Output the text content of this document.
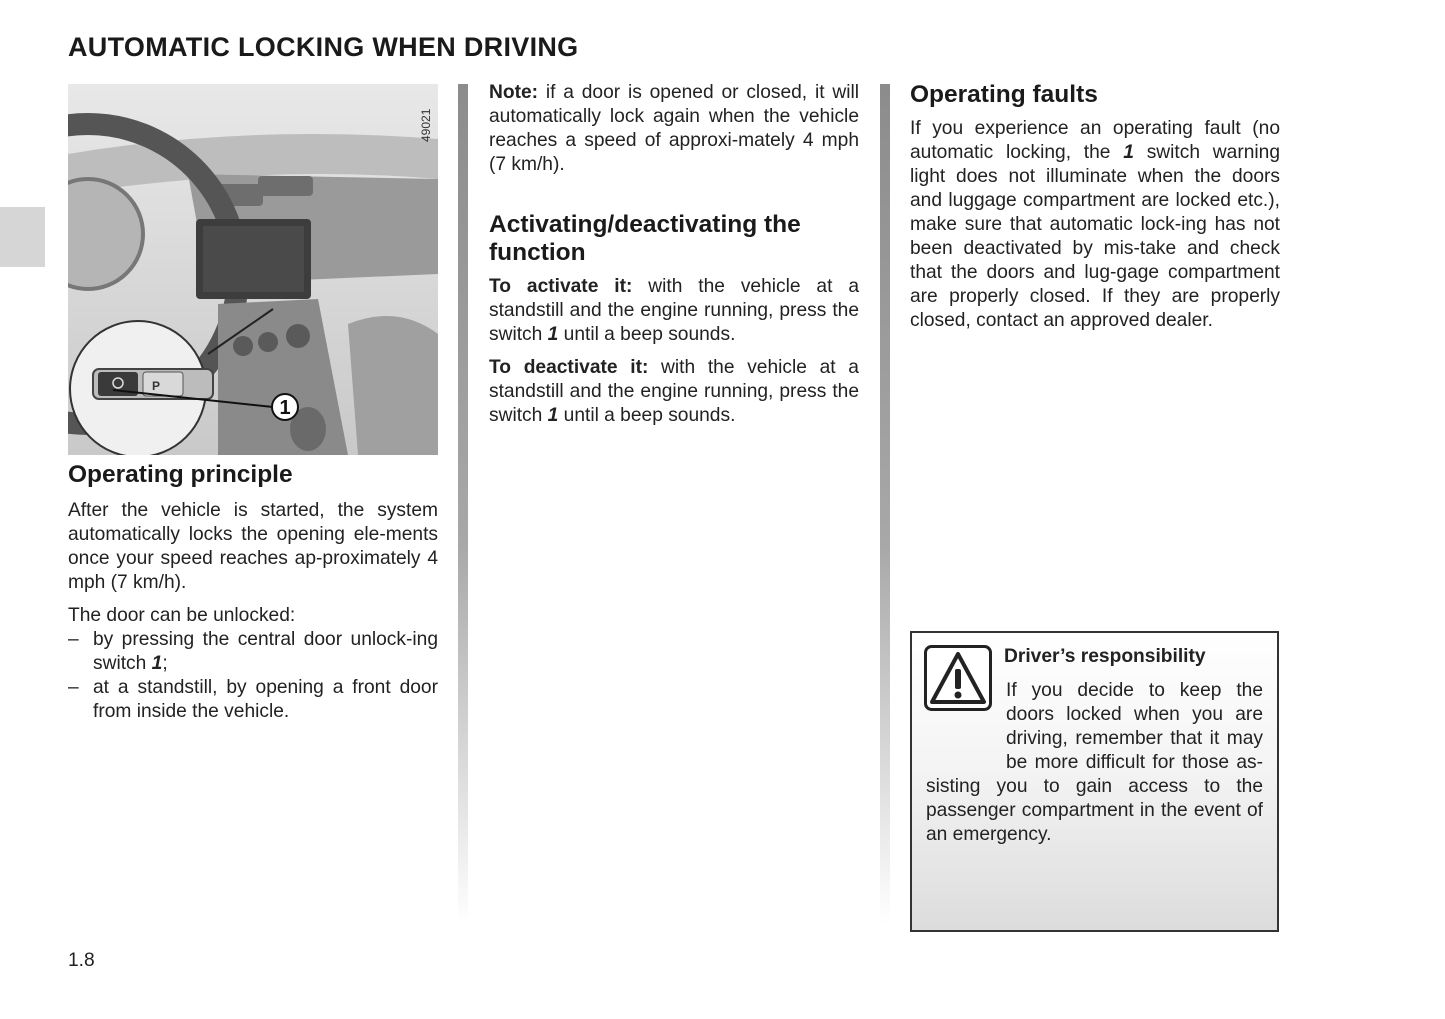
AUTOMATIC LOCKING WHEN DRIVING
P
1
49021
Operating principle

After the vehicle is started, the system automatically locks the opening ele-ments once your speed reaches ap-proximately 4 mph (7 km/h).

The door can be unlocked:

– by pressing the central door unlock-ing switch 1;
– at a standstill, by opening a front door from inside the vehicle.

Note: if a door is opened or closed, it will automatically lock again when the vehicle reaches a speed of approxi-mately 4 mph (7 km/h).

Activating/deactivating the function

To activate it: with the vehicle at a standstill and the engine running, press the switch 1 until a beep sounds.

To deactivate it: with the vehicle at a standstill and the engine running, press the switch 1 until a beep sounds.

Operating faults

If you experience an operating fault (no automatic locking, the 1 switch warning light does not illuminate when the doors and luggage compartment are locked etc.), make sure that automatic lock-ing has not been deactivated by mis-take and check that the doors and lug-gage compartment are properly closed. If they are properly closed, contact an approved dealer.

Driver’s responsibility
If you decide to keep the doors locked when you are driving, remember that it may be more difficult for those as-sisting you to gain access to the passenger compartment in the event of an emergency.
1.8
